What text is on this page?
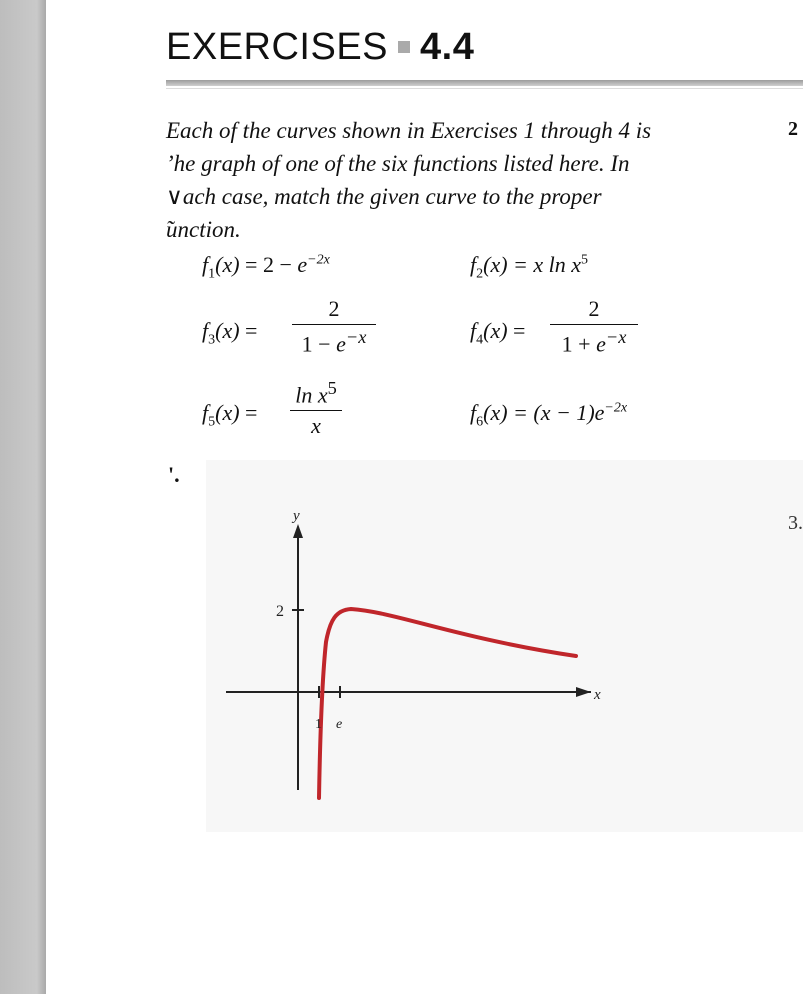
EXERCISES 4.4
Each of the curves shown in Exercises 1 through 4 is
’he graph of one of the six functions listed here. In
∨ach case, match the given curve to the proper
̃unction.
2
$f_1(x) = 2 - e^{-2x}$	$f_2(x) = x$ $\ln x^5$
$f_3(x)$ =
2
$1 - e^{-x}$	$f_4(x)$ =
2
$1 + e^{-x}$
$f_5(x)$ =
$\ln x^5$
x
$f_6(x) = (x - 1)e^{-2x}$
'.
y
x
2
1 e
3.
